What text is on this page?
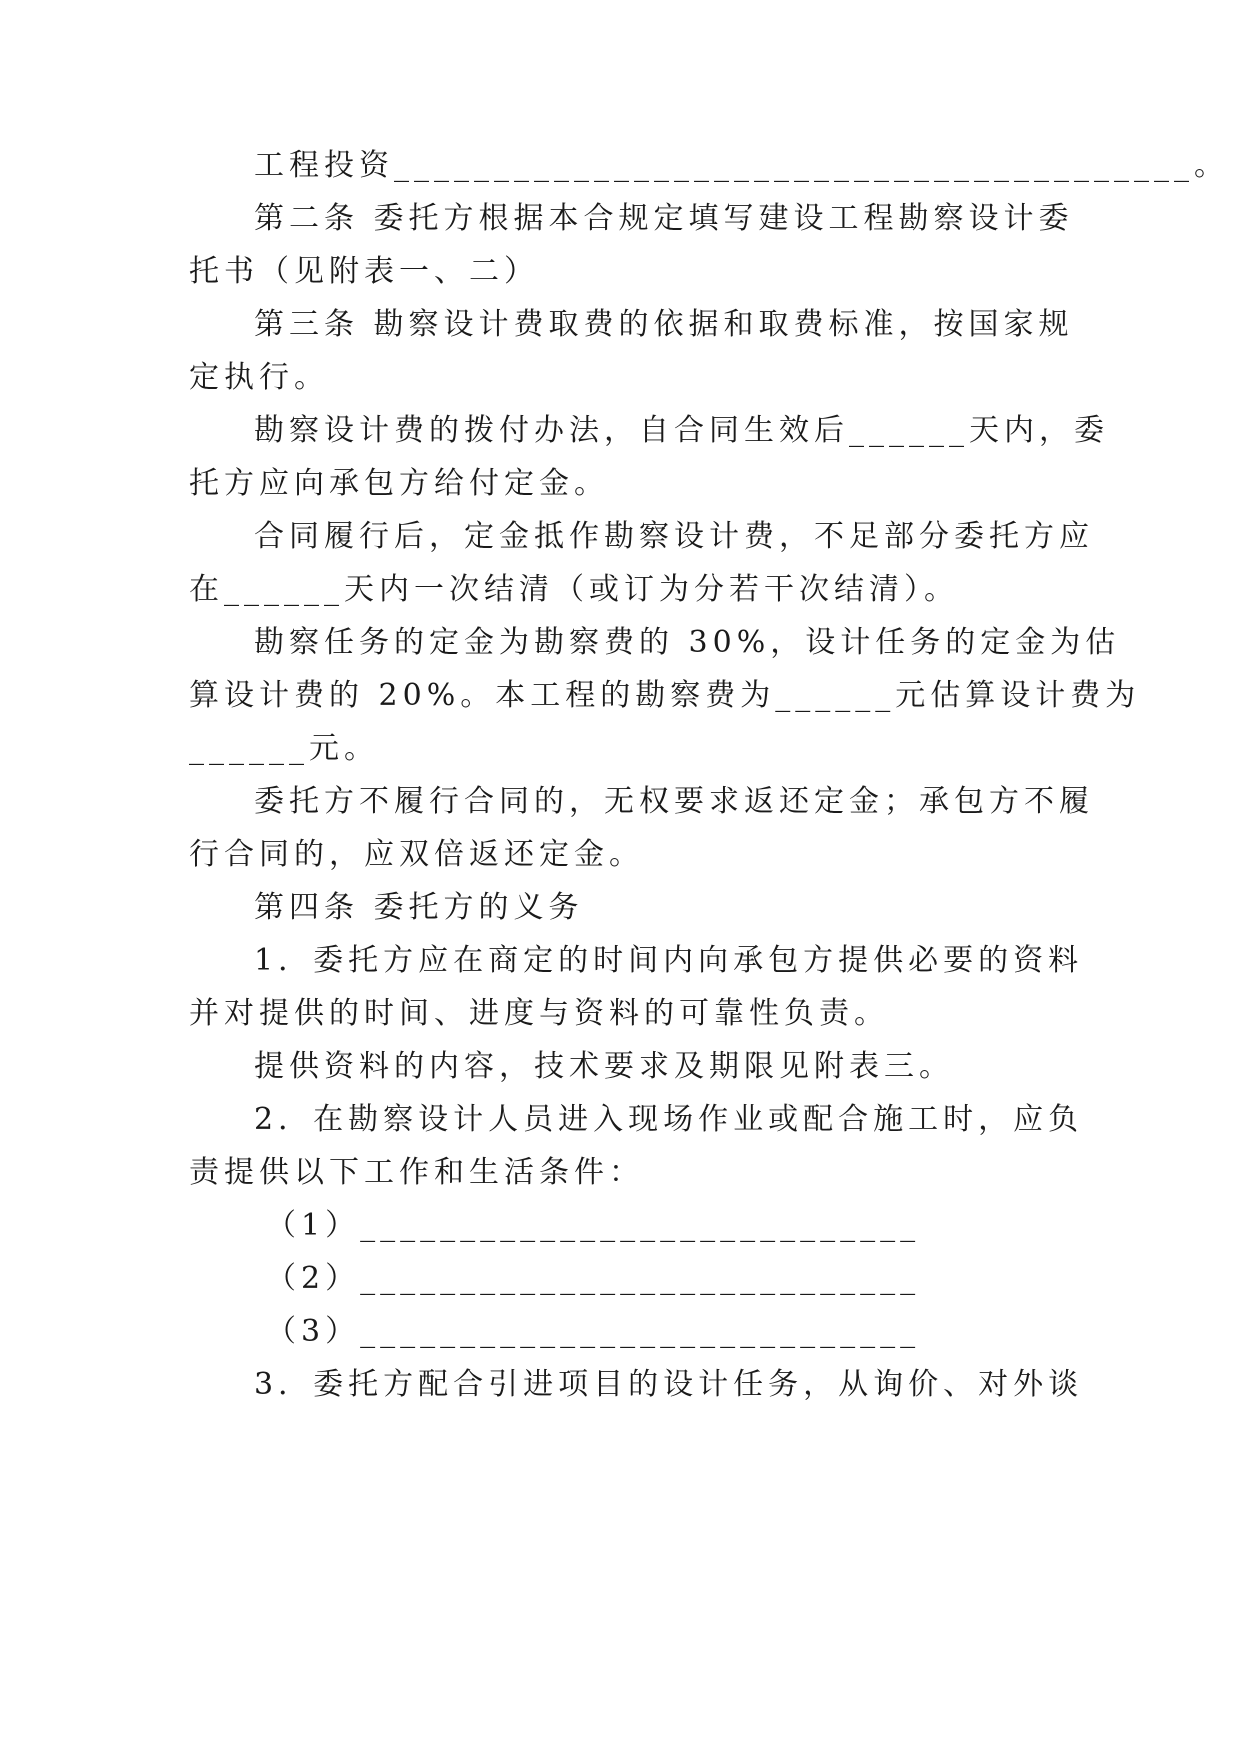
工程投资________________________________________。
第二条 委托方根据本合规定填写建设工程勘察设计委
托书（见附表一、二）
第三条 勘察设计费取费的依据和取费标准，按国家规
定执行。
勘察设计费的拨付办法，自合同生效后______天内，委
托方应向承包方给付定金。
合同履行后，定金抵作勘察设计费，不足部分委托方应
在______天内一次结清（或订为分若干次结清）。
勘察任务的定金为勘察费的 30%，设计任务的定金为估
算设计费的 20%。本工程的勘察费为______元估算设计费为
______元。
委托方不履行合同的，无权要求返还定金；承包方不履
行合同的，应双倍返还定金。
第四条 委托方的义务
1．委托方应在商定的时间内向承包方提供必要的资料
并对提供的时间、进度与资料的可靠性负责。
提供资料的内容，技术要求及期限见附表三。
2．在勘察设计人员进入现场作业或配合施工时，应负
责提供以下工作和生活条件：
（1）____________________________
（2）____________________________
（3）____________________________
3．委托方配合引进项目的设计任务，从询价、对外谈
